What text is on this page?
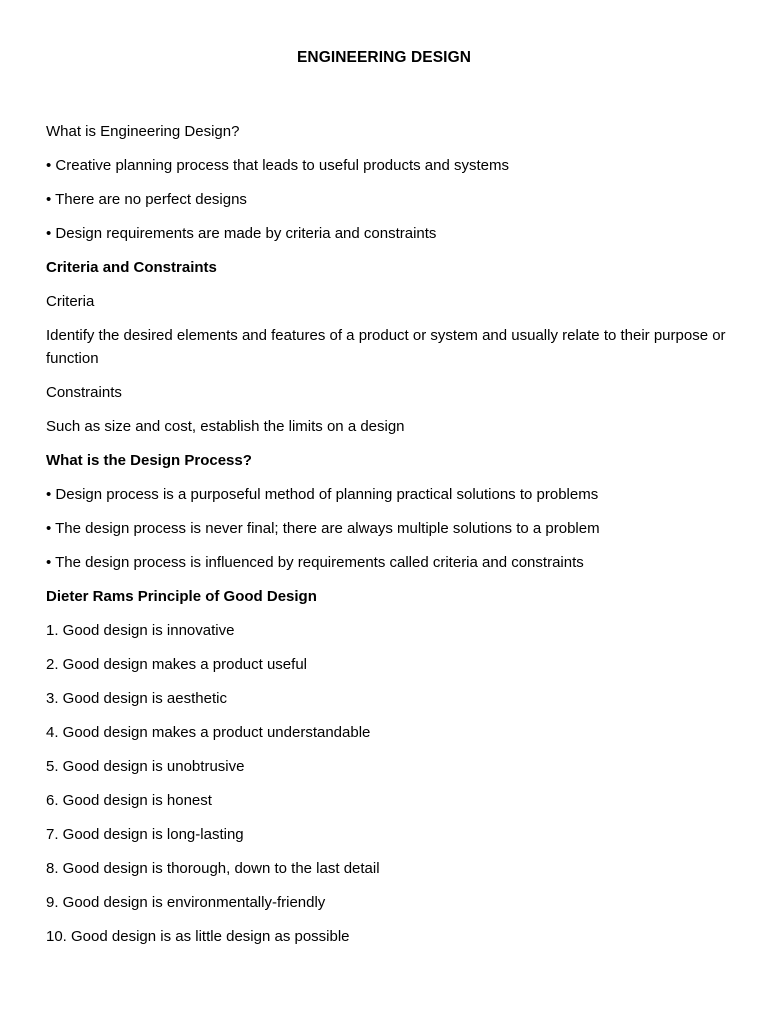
ENGINEERING DESIGN

What is Engineering Design?

• Creative planning process that leads to useful products and systems

• There are no perfect designs

• Design requirements are made by criteria and constraints

Criteria and Constraints

Criteria

Identify the desired elements and features of a product or system and usually relate to their purpose or function

Constraints

Such as size and cost, establish the limits on a design

What is the Design Process?

• Design process is a purposeful method of planning practical solutions to problems

• The design process is never final; there are always multiple solutions to a problem

• The design process is influenced by requirements called criteria and constraints

Dieter Rams Principle of Good Design

1. Good design is innovative

2. Good design makes a product useful

3. Good design is aesthetic

4. Good design makes a product understandable

5. Good design is unobtrusive

6. Good design is honest

7. Good design is long-lasting

8. Good design is thorough, down to the last detail

9. Good design is environmentally-friendly

10. Good design is as little design as possible
